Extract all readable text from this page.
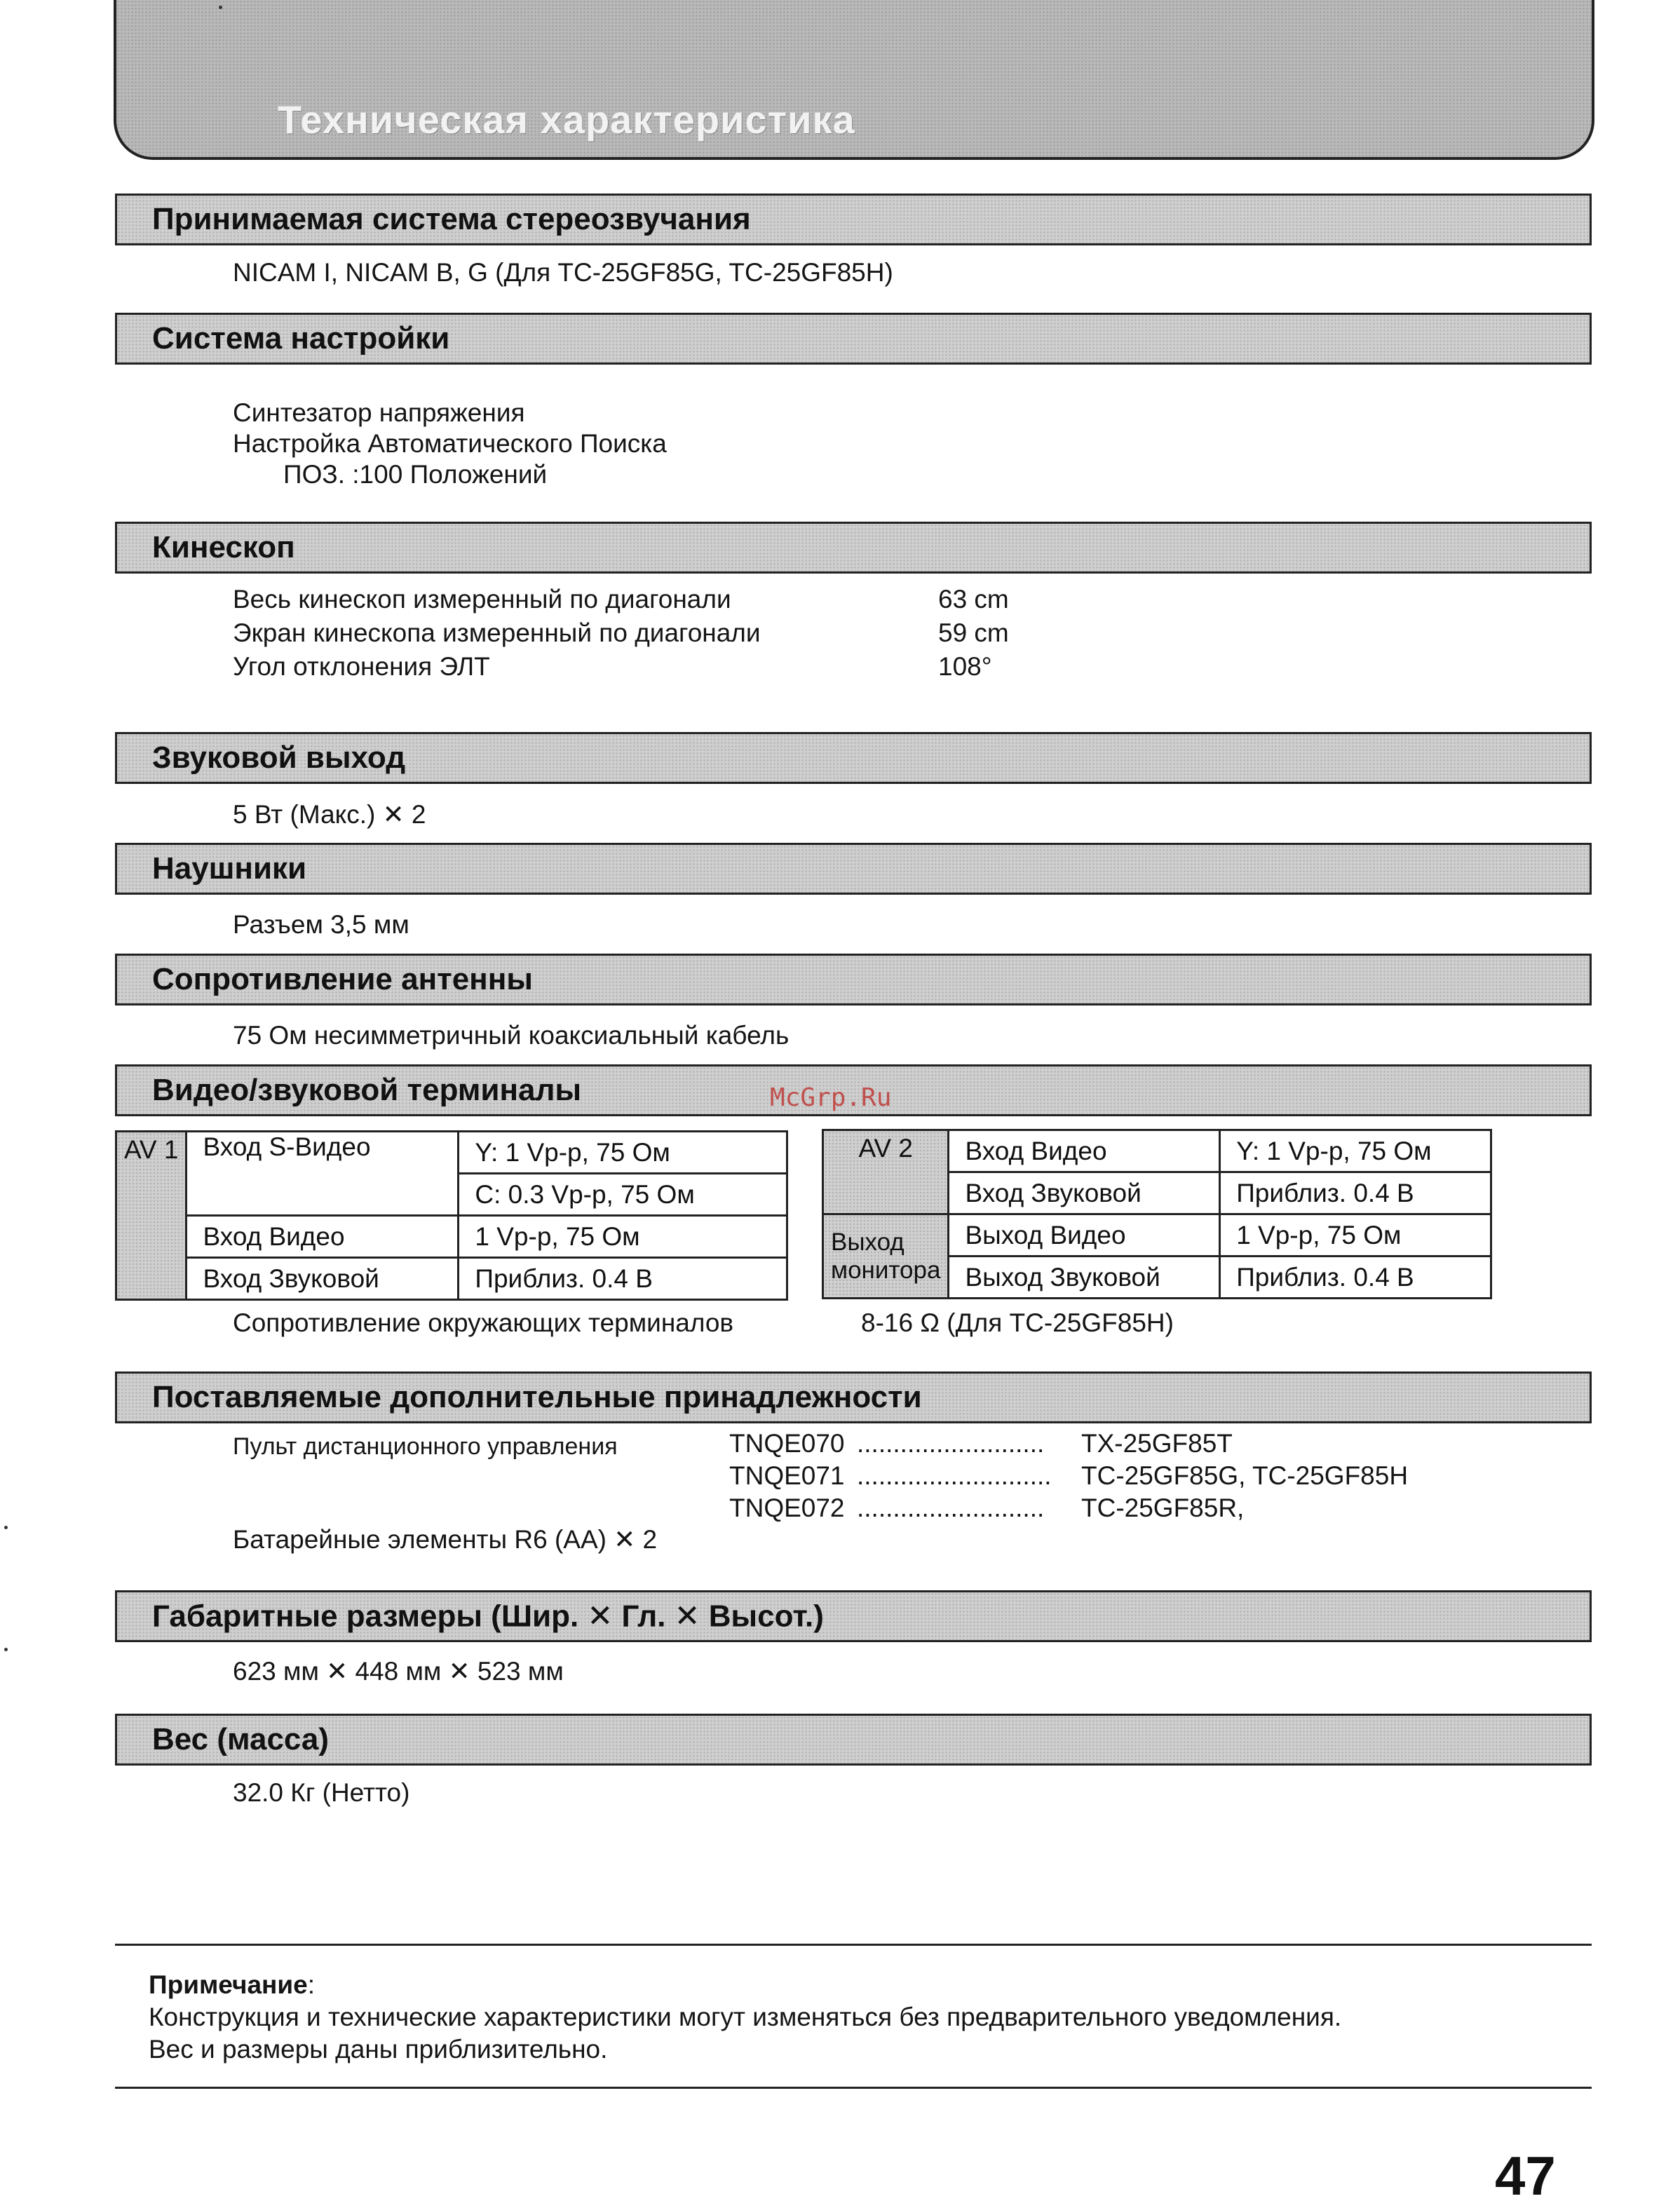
Техническая характеристика
Принимаемая система стереозвучания
NICAM I, NICAM B, G (Для TC-25GF85G, TC-25GF85H)
Система настройки
Синтезатор напряжения
Настройка Автоматического Поиска
ПОЗ. :100 Положений
Кинескоп
Весь кинескоп измеренный по диагонали	63 cm
Экран кинескопа измеренный по диагонали	59 cm
Угол отклонения ЭЛТ	108°
Звуковой выход
5 Вт (Макс.) ✕ 2
Наушники
Разъем 3,5 мм
Сопротивление антенны
75 Ом несимметричный коаксиальный кабель
Видео/звуковой терминалы	McGrp.Ru
AV 1	Вход S-Видео	Y: 1 Vp-p, 75 Ом
		C: 0.3 Vp-p, 75 Ом
	Вход Видео	1 Vp-p, 75 Ом
	Вход Звуковой	Приблиз. 0.4 В
AV 2	Вход Видео	Y: 1 Vp-p, 75 Ом
	Вход Звуковой	Приблиз. 0.4 В
Выход монитора	Выход Видео	1 Vp-p, 75 Ом
	Выход Звуковой	Приблиз. 0.4 В
Сопротивление окружающих терминалов	8-16 Ω (Для TC-25GF85H)
Поставляемые дополнительные принадлежности
Пульт дистанционного управления	TNQE070 .......................... TX-25GF85T
TNQE071 ........................... TC-25GF85G, TC-25GF85H
TNQE072 .......................... TC-25GF85R,
Батарейные элементы R6 (AA) ✕ 2
Габаритные размеры (Шир. ✕ Гл. ✕ Высот.)
623 мм ✕ 448 мм ✕ 523 мм
Вес (масса)
32.0 Кг (Нетто)
Примечание:
Конструкция и технические характеристики могут изменяться без предварительного уведомления.
Вес и размеры даны приблизительно.
47
